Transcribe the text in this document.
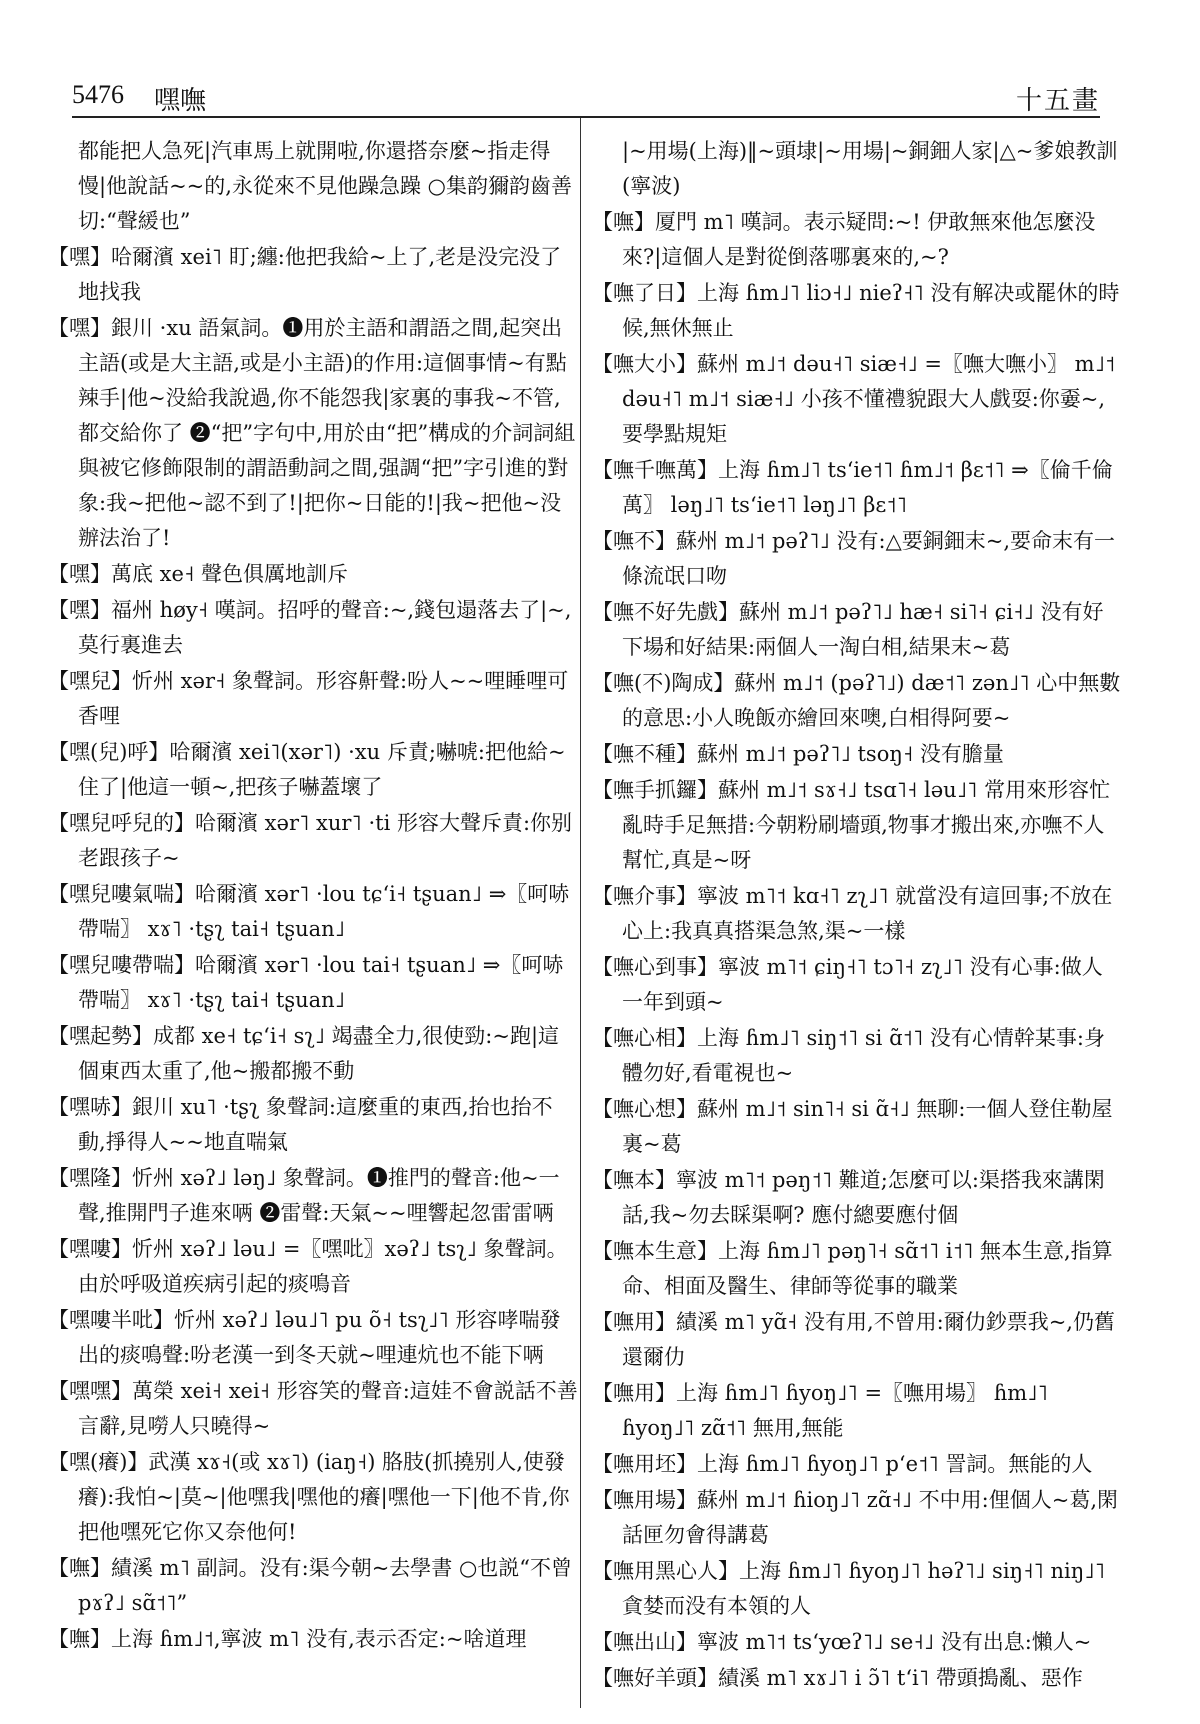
5476 嘿嘸	十五畫

都能把人急死|汽車馬上就開啦,你還搭奈麼~指走得慢|他說話~~的,永從來不見他躁急躁 ○集韵獮韵齒善切:“聲緩也”

【嘿】哈爾濱 xei˥ 盯;纏:他把我給~上了,老是没完没了地找我

【嘿】銀川 ·xu 語氣詞。❶用於主語和謂語之間,起突出主語(或是大主語,或是小主語)的作用:這個事情~有點辣手|他~没給我說過,你不能怨我|家裏的事我~不管,都交給你了 ❷“把”字句中,用於由“把”構成的介詞詞組與被它修飾限制的謂語動詞之間,强調“把”字引進的對象:我~把他~認不到了!|把你~日能的!|我~把他~没辦法治了!

【嘿】萬底 xe˧ 聲色俱厲地訓斥

【嘿】福州 høy˧ 嘆詞。招呼的聲音:~,錢包遢落去了|~,莫行裏進去

【嘿兒】忻州 xər˧ 象聲詞。形容鼾聲:吩人~~哩睡哩可香哩

【嘿(兒)呼】哈爾濱 xei˥(xər˥) ·xu 斥責;嚇唬:把他給~住了|他這一頓~,把孩子嚇蓋壞了

【嘿兒呼兒的】哈爾濱 xər˥ xur˥ ·ti 形容大聲斥責:你别老跟孩子~

【嘿兒嘍氣喘】哈爾濱 xər˥ ·lou tɕʻi˧ tʂuan˩ ⇒〖呵哧帶喘〗 xɤ˥ ·tʂʅ tai˧ tʂuan˩

【嘿兒嘍帶喘】哈爾濱 xər˥ ·lou tai˧ tʂuan˩ ⇒〖呵哧帶喘〗 xɤ˥ ·tʂʅ tai˧ tʂuan˩

【嘿起勢】成都 xe˧ tɕʻi˧ sʅ˩ 竭盡全力,很使勁:~跑|這個東西太重了,他~搬都搬不動

【嘿哧】銀川 xu˥ ·tʂʅ 象聲詞:這麼重的東西,抬也抬不動,掙得人~~地直喘氣

【嘿隆】忻州 xəʔ˩ ləŋ˩ 象聲詞。❶推門的聲音:他~一聲,推開門子進來唡 ❷雷聲:天氣~~哩響起忽雷雷唡

【嘿嘍】忻州 xəʔ˩ ləu˩ =〖嘿吡〗xəʔ˩ tsʅ˩ 象聲詞。由於呼吸道疾病引起的痰鳴音

【嘿嘍半吡】忻州 xəʔ˩ ləu˩˥ pu õ˧ tsʅ˩˥ 形容哮喘發出的痰鳴聲:吩老漢一到冬天就~哩連炕也不能下唡

【嘿嘿】萬榮 xei˧ xei˧ 形容笑的聲音:這娃不會説話不善言辭,見嘮人只曉得~

【嘿(癢)】武漢 xɤ˧(或 xɤ˥) (iaŋ˧) 胳肢(抓撓别人,使發癢):我怕~|莫~|他嘿我|嘿他的癢|嘿他一下|他不肯,你把他嘿死它你又奈他何!

【嘸】績溪 m˥ 副詞。没有:渠今朝~去學書 ○也説“不曾 pɤʔ˩ sɑ̃˦˥”

【嘸】上海 ɦm˩˦,寧波 m˥ 没有,表示否定:~啥道理

|~用場(上海)‖~頭埭|~用場|~銅鈿人家|△~爹娘教訓(寧波)

【嘸】厦門 m˥ 嘆詞。表示疑問:~! 伊敢無來他怎麼没來?|這個人是對從倒落哪裏來的,~?

【嘸了日】上海 ɦm˩˥ liɔ˧˩ nieʔ˧˥ 没有解决或罷休的時候,無休無止

【嘸大小】蘇州 m˩˦ dəu˧˥ siæ˧˩ =〖嘸大嘸小〗 m˩˦ dəu˧˥ m˩˦ siæ˧˩ 小孩不懂禮貌跟大人戲耍:你嫑~,要學點規矩

【嘸千嘸萬】上海 ɦm˩˥ tsʻie˦˥ ɦm˩˦ βɛ˦˥ ⇒〖倫千倫萬〗 ləŋ˩˥ tsʻie˦˥ ləŋ˩˥ βɛ˦˥

【嘸不】蘇州 m˩˦ pəʔ˥˩ 没有:△要銅鈿末~,要命末有一條流氓口吻

【嘸不好先戲】蘇州 m˩˦ pəʔ˥˩ hæ˧ si˥˧ ɕi˧˩ 没有好下場和好結果:兩個人一淘白相,結果末~葛

【嘸(不)陶成】蘇州 m˩˦ (pəʔ˥˩) dæ˦˥ zən˩˥ 心中無數的意思:小人晚飯亦繪回來噢,白相得阿要~

【嘸不種】蘇州 m˩˦ pəʔ˥˩ tsoŋ˧ 没有膽量

【嘸手抓鑼】蘇州 m˩˦ sɤ˧˩ tsɑ˥˧ ləu˩˥ 常用來形容忙亂時手足無措:今朝粉刷墻頭,物事才搬出來,亦嘸不人幫忙,真是~呀

【嘸介事】寧波 m˥˦ kɑ˧˥ zʅ˩˥ 就當没有這回事;不放在心上:我真真搭渠急煞,渠~一樣

【嘸心到事】寧波 m˥˦ ɕiŋ˧˥ tɔ˥˧ zʅ˩˥ 没有心事:做人一年到頭~

【嘸心相】上海 ɦm˩˥ siŋ˦˥ si ɑ̃˦˥ 没有心情幹某事:身體勿好,看電視也~

【嘸心想】蘇州 m˩˦ sin˥˧ si ɑ̃˧˩ 無聊:一個人登住勒屋裏~葛

【嘸本】寧波 m˥˦ pəŋ˦˥ 難道;怎麼可以:渠搭我來講閑話,我~勿去睬渠啊? 應付總要應付個

【嘸本生意】上海 ɦm˩˥ pəŋ˥˧ sɑ̃˦˥ i˦˥ 無本生意,指算命、相面及醫生、律師等從事的職業

【嘸用】績溪 m˥ yɑ̃˧ 没有用,不曾用:爾仂鈔票我~,仍舊還爾仂

【嘸用】上海 ɦm˩˥ ɦyoŋ˩˥ =〖嘸用場〗 ɦm˩˥ ɦyoŋ˩˥ zɑ̃˦˥ 無用,無能

【嘸用坯】上海 ɦm˩˥ ɦyoŋ˩˥ pʻe˦˥ 詈詞。無能的人

【嘸用場】蘇州 m˩˦ ɦioŋ˩˥ zɑ̃˧˩ 不中用:俚個人~葛,閑話匣勿會得講葛

【嘸用黑心人】上海 ɦm˩˥ ɦyoŋ˩˥ həʔ˥˩ siŋ˧˥ niŋ˩˥ 貪婪而没有本領的人

【嘸出山】寧波 m˥˦ tsʻyœʔ˥˩ se˧˩ 没有出息:懶人~

【嘸好羊頭】績溪 m˥ xɤ˩˥ i ɔ̃˥ tʻi˥ 帶頭搗亂、惡作
